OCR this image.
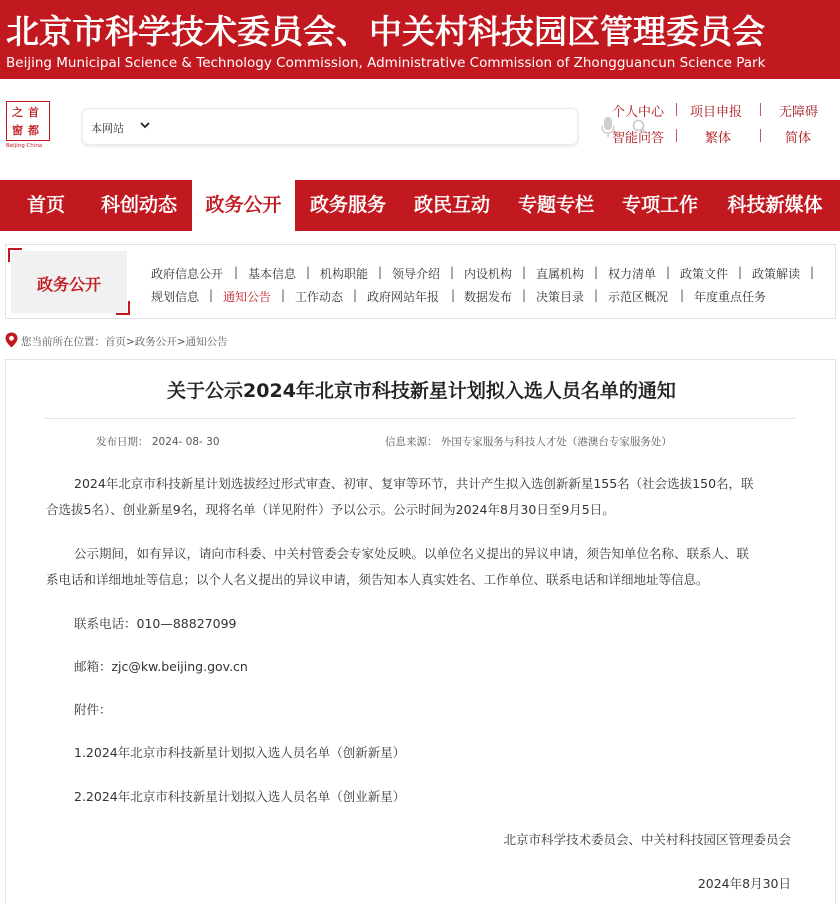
北京市科学技术委员会、中关村科技园区管理委员会
Beijing Municipal Science & Technology Commission, Administrative Commission of Zhongguancun Science Park
首
都
之
窗
Beijing·China
本网站
个人中心 项目申报	无障碍
智能问答	繁体	简体
首页	科创动态	政务公开	政务服务	政民互动	专题专栏	专项工作	科技新媒体
政务公开
政府信息公开 | 基本信息 | 机构职能 | 领导介绍 | 内设机构 | 直属机构 | 权力清单 | 政策文件 | 政策解读 |
规划信息 | 通知公告 | 工作动态 | 政府网站年报 | 数据发布 | 决策目录 | 示范区概况 | 年度重点任务
您当前所在位置：首页>政务公开>通知公告
关于公示2024年北京市科技新星计划拟入选人员名单的通知
发布日期： 2024- 08- 30	信息来源： 外国专家服务与科技人才处（港澳台专家服务处）

2024年北京市科技新星计划选拔经过形式审查、初审、复审等环节，共计产生拟入选创新新星155名（社会选拔150名，联

合选拔5名）、创业新星9名，现将名单（详见附件）予以公示。公示时间为2024年8月30日至9月5日。

公示期间，如有异议，请向市科委、中关村管委会专家处反映。以单位名义提出的异议申请，须告知单位名称、联系人、联

系电话和详细地址等信息；以个人名义提出的异议申请，须告知本人真实姓名、工作单位、联系电话和详细地址等信息。

联系电话：010—88827099

邮箱：zjc@kw.beijing.gov.cn

附件：

1.2024年北京市科技新星计划拟入选人员名单（创新新星）

2.2024年北京市科技新星计划拟入选人员名单（创业新星）

北京市科学技术委员会、中关村科技园区管理委员会

2024年8月30日
